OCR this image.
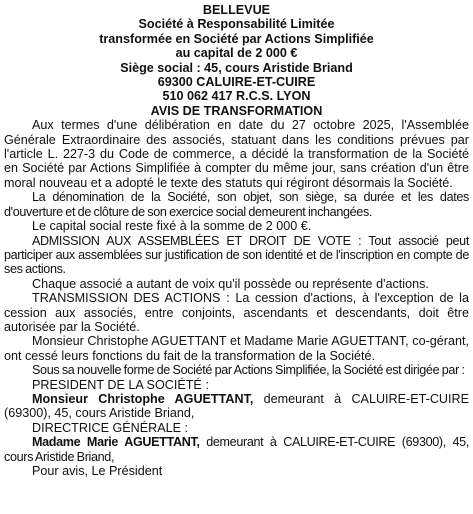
BELLEVUE
Société à Responsabilité Limitée
transformée en Société par Actions Simplifiée
au capital de 2 000 €
Siège social : 45, cours Aristide Briand
69300 CALUIRE-ET-CUIRE
510 062 417 R.C.S. LYON
AVIS DE TRANSFORMATION

Aux termes d'une délibération en date du 27 octobre 2025, l'Assemblée Générale Extraordinaire des associés, statuant dans les conditions prévues par l'article L. 227-3 du Code de commerce, a décidé la transformation de la Société en Société par Actions Simplifiée à compter du même jour, sans création d'un être moral nouveau et a adopté le texte des statuts qui régiront désormais la Société.

La dénomination de la Société, son objet, son siège, sa durée et les dates d'ouverture et de clôture de son exercice social demeurent inchangées.

Le capital social reste fixé à la somme de 2 000 €.

ADMISSION AUX ASSEMBLÉES ET DROIT DE VOTE : Tout associé peut participer aux assemblées sur justification de son identité et de l'inscription en compte de ses actions.

Chaque associé a autant de voix qu'il possède ou représente d'actions.

TRANSMISSION DES ACTIONS : La cession d'actions, à l'exception de la cession aux associés, entre conjoints, ascendants et descendants, doit être autorisée par la Société.

Monsieur Christophe AGUETTANT et Madame Marie AGUETTANT, co-gérant, ont cessé leurs fonctions du fait de la transformation de la Société.

Sous sa nouvelle forme de Société par Actions Simplifiée, la Société est dirigée par :

PRESIDENT DE LA SOCIÉTÉ :

Monsieur Christophe AGUETTANT, demeurant à CALUIRE-ET-CUIRE (69300), 45, cours Aristide Briand,

DIRECTRICE GÉNÉRALE :

Madame Marie AGUETTANT, demeurant à CALUIRE-ET-CUIRE (69300), 45, cours Aristide Briand,

Pour avis, Le Président
